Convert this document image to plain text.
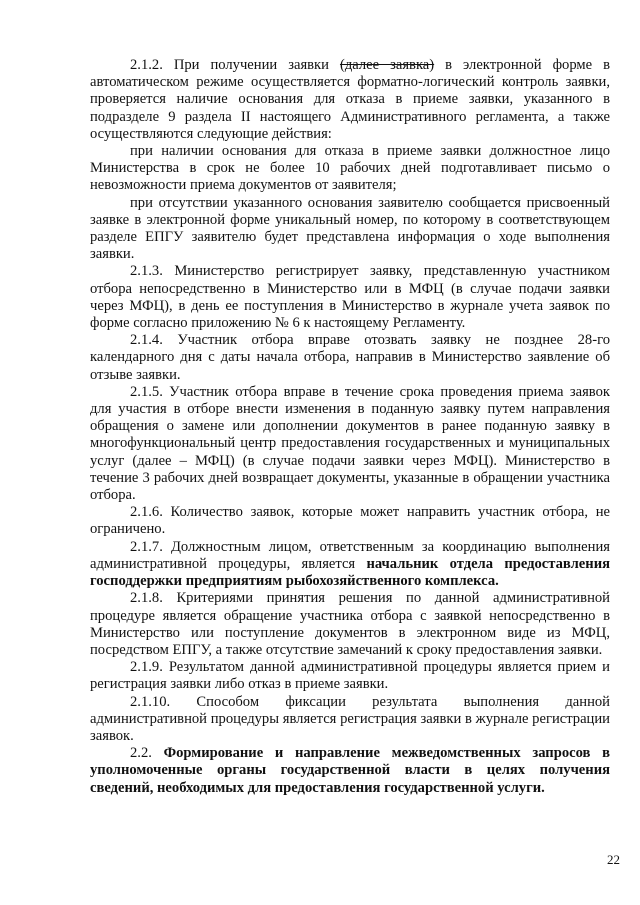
2.1.2. При получении заявки (далее заявка) в электронной форме в автоматическом режиме осуществляется форматно-логический контроль заявки, проверяется наличие основания для отказа в приеме заявки, указанного в подразделе 9 раздела II настоящего Административного регламента, а также осуществляются следующие действия:

при наличии основания для отказа в приеме заявки должностное лицо Министерства в срок не более 10 рабочих дней подготавливает письмо о невозможности приема документов от заявителя;

при отсутствии указанного основания заявителю сообщается присвоенный заявке в электронной форме уникальный номер, по которому в соответствующем разделе ЕПГУ заявителю будет представлена информация о ходе выполнения заявки.

2.1.3. Министерство регистрирует заявку, представленную участником отбора непосредственно в Министерство или в МФЦ (в случае подачи заявки через МФЦ), в день ее поступления в Министерство в журнале учета заявок по форме согласно приложению № 6 к настоящему Регламенту.

2.1.4. Участник отбора вправе отозвать заявку не позднее 28-го календарного дня с даты начала отбора, направив в Министерство заявление об отзыве заявки.

2.1.5. Участник отбора вправе в течение срока проведения приема заявок для участия в отборе внести изменения в поданную заявку путем направления обращения о замене или дополнении документов в ранее поданную заявку в многофункциональный центр предоставления государственных и муниципальных услуг (далее – МФЦ) (в случае подачи заявки через МФЦ). Министерство в течение 3 рабочих дней возвращает документы, указанные в обращении участника отбора.

2.1.6. Количество заявок, которые может направить участник отбора, не ограничено.

2.1.7. Должностным лицом, ответственным за координацию выполнения административной процедуры, является начальник отдела предоставления господдержки предприятиям рыбохозяйственного комплекса.

2.1.8. Критериями принятия решения по данной административной процедуре является обращение участника отбора с заявкой непосредственно в Министерство или поступление документов в электронном виде из МФЦ, посредством ЕПГУ, а также отсутствие замечаний к сроку предоставления заявки.

2.1.9. Результатом данной административной процедуры является прием и регистрация заявки либо отказ в приеме заявки.

2.1.10. Способом фиксации результата выполнения данной административной процедуры является регистрация заявки в журнале регистрации заявок.

2.2. Формирование и направление межведомственных запросов в уполномоченные органы государственной власти в целях получения сведений, необходимых для предоставления государственной услуги.

22
